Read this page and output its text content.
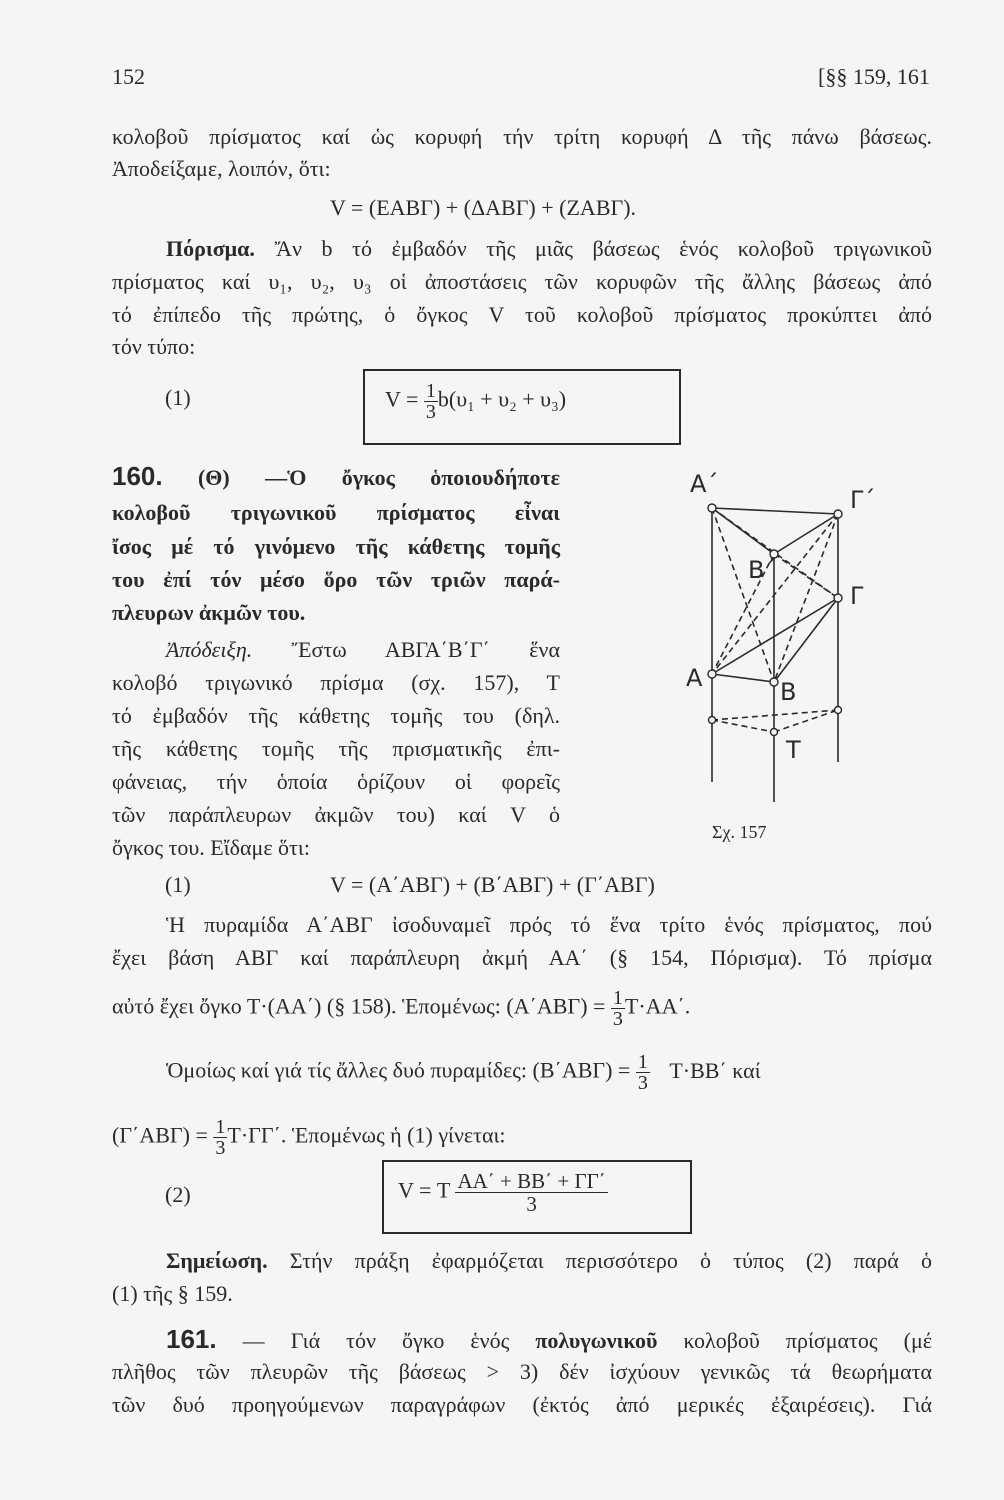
152	[§§ 159, 161
κολοβοῦ πρίσματος καί ὡς κορυφή τήν τρίτη κορυφή Δ τῆς πάνω βάσεως.
Ἀποδείξαμε, λοιπόν, ὅτι:
V = (ΕΑΒΓ) + (ΔΑΒΓ) + (ΖΑΒΓ).
Πόρισμα. Ἄν b τό ἐμβαδόν τῆς μιᾶς βάσεως ἑνός κολοβοῦ τριγωνικοῦ
πρίσματος καί υ₁, υ₂, υ₃ οἱ ἀποστάσεις τῶν κορυφῶν τῆς ἄλλης βάσεως ἀπό
τό ἐπίπεδο τῆς πρώτης, ὁ ὄγκος V τοῦ κολοβοῦ πρίσματος προκύπτει ἀπό
τόν τύπο:
(1)	$V = \frac{1}{3} b(\upsilon_1 + \upsilon_2 + \upsilon_3)$
160. (Θ) —Ὁ ὄγκος ὁποιουδήποτε
κολοβοῦ τριγωνικοῦ πρίσματος εἶναι
ἴσος μέ τό γινόμενο τῆς κάθετης τομῆς
του ἐπί τόν μέσο ὅρο τῶν τριῶν παρά-
πλευρων ἀκμῶν του.
Ἀπόδειξη. Ἔστω ΑΒΓΑ΄Β΄Γ΄ ἕνα
κολοβό τριγωνικό πρίσμα (σχ. 157), Τ
τό ἐμβαδόν τῆς κάθετης τομῆς του (δηλ.
τῆς κάθετης τομῆς τῆς πρισματικῆς ἐπι-
φάνειας, τήν ὁποία ὁρίζουν οἱ φορεῖς
τῶν παράπλευρων ἀκμῶν του) καί V ὁ
ὄγκος του. Εἴδαμε ὅτι:
Α΄
Γ΄
Β΄
Γ
Α	Β
Τ
Σχ. 157
(1)	V = (Α΄ΑΒΓ) + (Β΄ΑΒΓ) + (Γ΄ΑΒΓ)
Ἡ πυραμίδα Α΄ΑΒΓ ἰσοδυναμεῖ πρός τό ἕνα τρίτο ἑνός πρίσματος, πού
ἔχει βάση ΑΒΓ καί παράπλευρη ἀκμή ΑΑ΄ (§ 154, Πόρισμα). Τό πρίσμα
αὐτό ἔχει ὄγκο Τ·(ΑΑ΄) (§ 158). Ἑπομένως: $(A΄AB\Gamma) = \frac{1}{3} T\cdot AA΄$.
Ὁμοίως καί γιά τίς ἄλλες δυό πυραμίδες: $(B΄AB\Gamma) = \frac{1}{3} T\cdot BB΄$ καί
$(\Gamma΄AB\Gamma) = \frac{1}{3} T\cdot\Gamma\Gamma΄$. Ἑπομένως ἡ (1) γίνεται:
(2)	V = Τ $\frac{AA΄ + BB΄ + \Gamma\Gamma΄}{3}$
Σημείωση. Στήν πράξη ἐφαρμόζεται περισσότερο ὁ τύπος (2) παρά ὁ
(1) τῆς § 159.
161. — Γιά τόν ὄγκο ἑνός πολυγωνικοῦ κολοβοῦ πρίσματος (μέ
πλῆθος τῶν πλευρῶν τῆς βάσεως > 3) δέν ἰσχύουν γενικῶς τά θεωρήματα
τῶν δυό προηγούμενων παραγράφων (ἐκτός ἀπό μερικές ἐξαιρέσεις). Γιά
